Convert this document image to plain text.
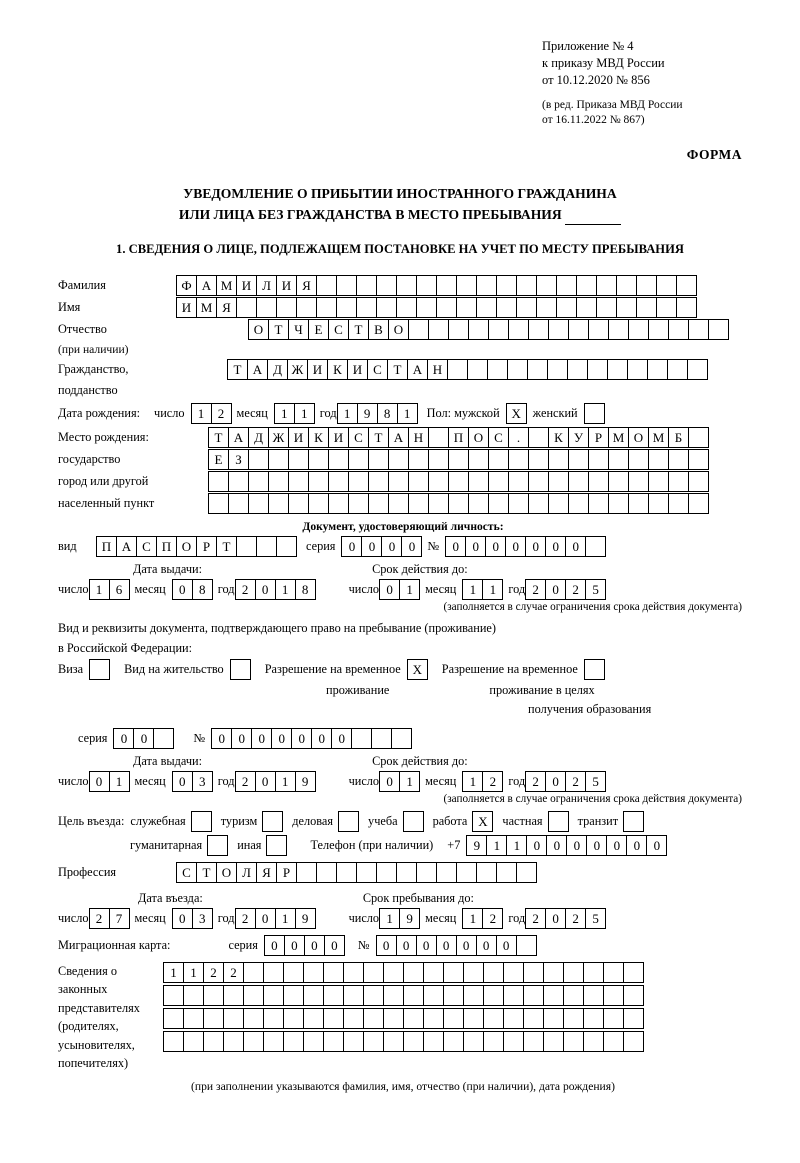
Приложение № 4
к приказу МВД России
от 10.12.2020 № 856
(в ред. Приказа МВД России
от 16.11.2022 № 867)
ФОРМА
УВЕДОМЛЕНИЕ О ПРИБЫТИИ ИНОСТРАННОГО ГРАЖДАНИНА
ИЛИ ЛИЦА БЕЗ ГРАЖДАНСТВА В МЕСТО ПРЕБЫВАНИЯ
1. СВЕДЕНИЯ О ЛИЦЕ, ПОДЛЕЖАЩЕМ ПОСТАНОВКЕ НА УЧЕТ ПО МЕСТУ ПРЕБЫВАНИЯ
Фамилия	Ф А М И Л И Я
Имя	И М Я
Отчество	О Т Ч Е С Т В О
(при наличии)
Гражданство,	Т А Д Ж И К И С Т А Н
подданство
Дата рождения: число	1	2 месяц	1	1 год 1	9	8	1	Пол: мужской X женский
Место рождения:	Т А Д Ж И К И С Т А Н	П О С	.	К У Р М О М Б
государство	Е З
город или другой
населенный пункт
Документ, удостоверяющий личность:
вид	П А С П О Р Т	серия	0	0	0	0 №	0	0	0	0	0	0	0
Дата выдачи:	Срок действия до:
число 1	6 месяц	0	8 год 2	0	1	8	число 0	1 месяц	1	1 год 2	0	2	5
(заполняется в случае ограничения срока действия документа)
Вид и реквизиты документа, подтверждающего право на пребывание (проживание)
в Российской Федерации:
Виза	Вид на жительство	Разрешение на временное X	Разрешение на временное
проживание	проживание в целях
получения образования
серия	0	0	№	0	0	0	0	0	0	0
Дата выдачи:	Срок действия до:
число 0	1 месяц	0	3 год 2	0	1	9	число 0	1 месяц	1	2 год 2	0	2	5
(заполняется в случае ограничения срока действия документа)
Цель въезда: служебная	туризм	деловая	учеба	работа X	частная	транзит
гуманитарная	иная	Телефон (при наличии) +7	9	1	1	0	0	0	0	0	0	0
Профессия	С Т О Л Я Р
Дата въезда:	Срок пребывания до:
число 2	7 месяц	0	3 год 2	0	1	9	число 1	9 месяц	1	2 год 2	0	2	5
Миграционная карта:	серия	0	0	0	0	№	0	0	0	0	0	0	0
Сведения о
законных
представителях
(родителях,
усыновителях,
попечителях)
1	1	2	2
(при заполнении указываются фамилия, имя, отчество (при наличии), дата рождения)
